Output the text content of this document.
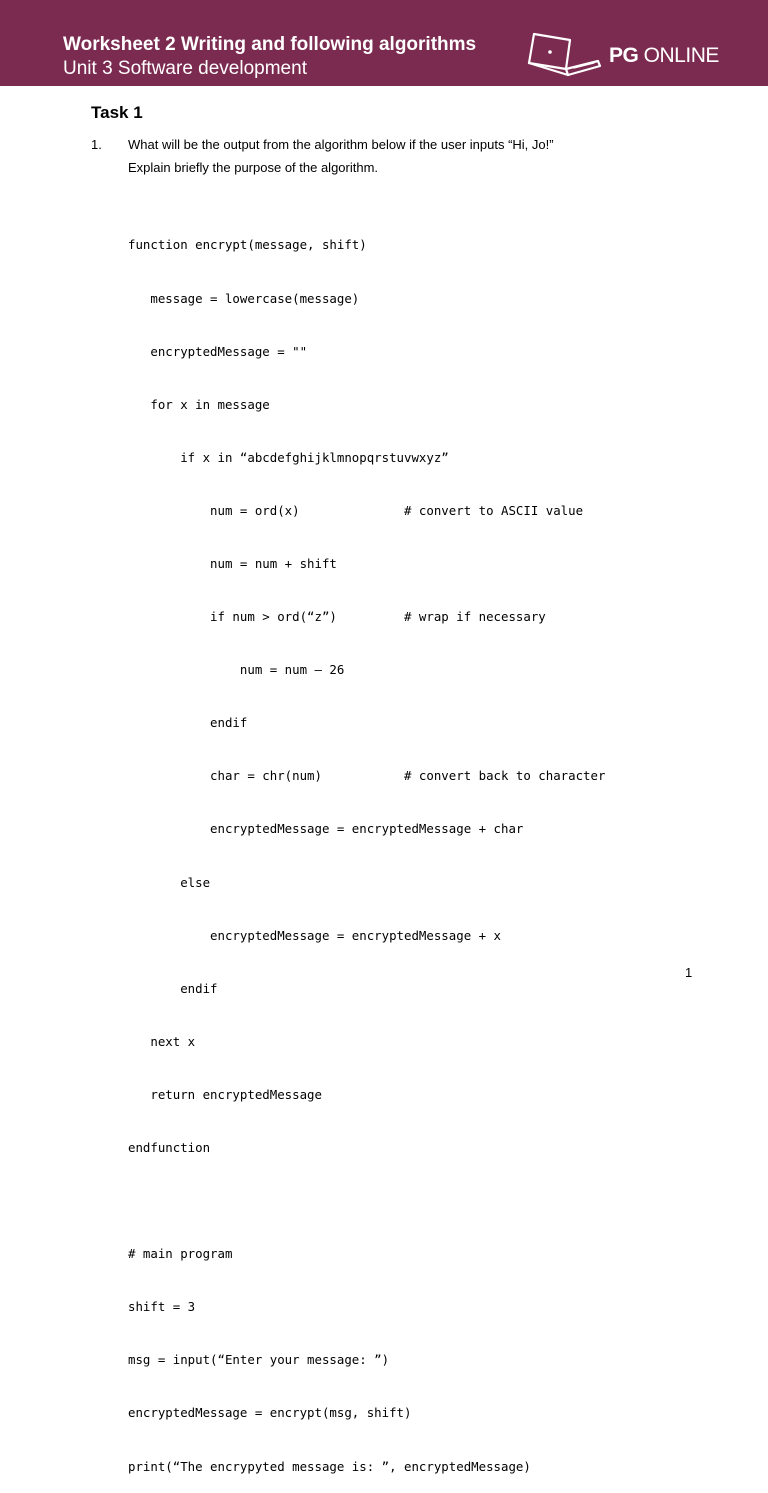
Worksheet 2 Writing and following algorithms
Unit 3 Software development
PG ONLINE
Task 1
1. What will be the output from the algorithm below if the user inputs “Hi, Jo!”
Explain briefly the purpose of the algorithm.

function encrypt(message, shift)

message = lowercase(message)

encryptedMessage = ""

for x in message

if x in “abcdefghijklmnopqrstuvwxyz”

num = ord(x)              # convert to ASCII value

num = num + shift

if num > ord(“z”)         # wrap if necessary

num = num – 26

endif

char = chr(num)           # convert back to character

encryptedMessage = encryptedMessage + char

else

encryptedMessage = encryptedMessage + x

endif

next x

return encryptedMessage

endfunction

# main program

shift = 3

msg = input(“Enter your message: ”)

encryptedMessage = encrypt(msg, shift)

print(“The encrypyted message is: ”, encryptedMessage)

1
